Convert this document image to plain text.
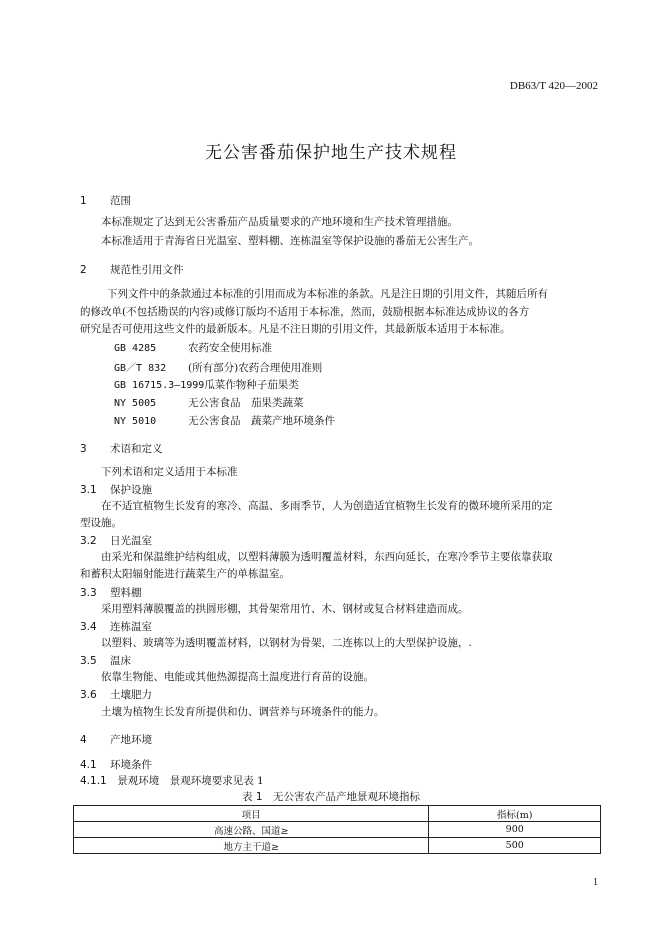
DB63/T 420—2002
无公害番茄保护地生产技术规程
1 范围
本标准规定了达到无公害番茄产品质量要求的产地环境和生产技术管理措施。
本标准适用于青海省日光温室、塑料棚、连栋温室等保护设施的番茄无公害生产。
2 规范性引用文件
下列文件中的条款通过本标准的引用而成为本标准的条款。凡是注日期的引用文件，其随后所有
的修改单(不包括勘误的内容)或修订版均不适用于本标准，然而，鼓励根据本标准达成协议的各方
研究是否可使用这些文件的最新版本。凡是不注日期的引用文件，其最新版本适用于本标准。
GB 4285	农药安全使用标准
GB／T 832 (所有部分)农药合理使用准则
GB 16715.3—1999瓜菜作物种子茄果类
NY 5005	无公害食品　茄果类蔬菜
NY 5010	无公害食品　蔬菜产地环境条件
3 术语和定义
下列术语和定义适用于本标准
3.1 保护设施
在不适宜植物生长发育的寒冷、高温、多雨季节，人为创造适宜植物生长发育的微环境所采用的定
型设施。
3.2 日光温室
由采光和保温维护结构组成，以塑料薄膜为透明覆盖材料，东西向延长，在寒冷季节主要依靠获取
和蓄积太阳辐射能进行蔬菜生产的单栋温室。
3.3 塑料棚
采用塑料薄膜覆盖的拱圆形棚，其骨架常用竹、木、钢材或复合材料建造而成。
3.4 连栋温室
以塑料、玻璃等为透明覆盖材料，以钢材为骨架，二连栋以上的大型保护设施，.
3.5 温床
依靠生物能、电能或其他热源提高土温度进行育苗的设施。
3.6 土壤肥力
土壤为植物生长发育所提供和仂、调营养与环境条件的能力。
4 产地环境
4.1 环境条件
4.1.1　 景观环境　 景观环境要求见表 1
表 1　无公害农产品产地景观环境指标
项目	指标(m)
高速公路、国道≥	900
地方主干道≥	500
1
